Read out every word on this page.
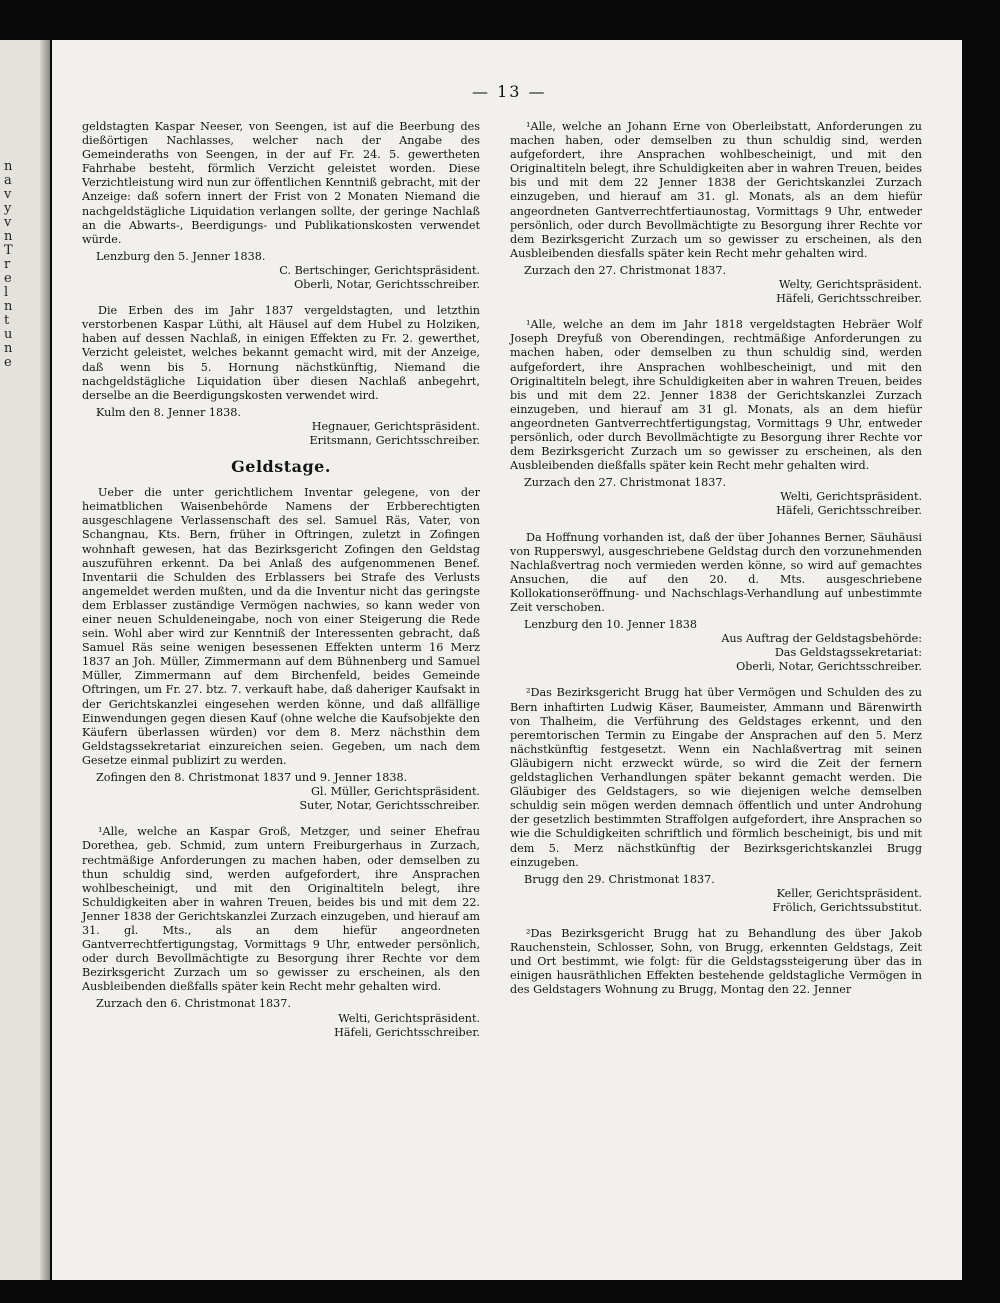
n
a
v
y
v
n
T
r
e
l
n
t
u
n
e
— 13 —

geldstagten Kaspar Neeser, von Seengen, ist auf die Beerbung des dießörtigen Nachlasses, welcher nach der Angabe des Gemeinderaths von Seengen, in der auf Fr. 24. 5. gewertheten Fahrhabe besteht, förmlich Verzicht geleistet worden. Diese Verzichtleistung wird nun zur öffentlichen Kenntniß gebracht, mit der Anzeige: daß sofern innert der Frist von 2 Monaten Niemand die nachgeldstägliche Liquidation verlangen sollte, der geringe Nachlaß an die Abwarts-, Beerdigungs- und Publikationskosten verwendet würde.

Lenzburg den 5. Jenner 1838.

C. Bertschinger, Gerichtspräsident.

Oberli, Notar, Gerichtsschreiber.

Die Erben des im Jahr 1837 vergeldstagten, und letzthin verstorbenen Kaspar Lüthi, alt Häusel auf dem Hubel zu Holziken, haben auf dessen Nachlaß, in einigen Effekten zu Fr. 2. gewerthet, Verzicht geleistet, welches bekannt gemacht wird, mit der Anzeige, daß wenn bis 5. Hornung nächstkünftig, Niemand die nachgeldstägliche Liquidation über diesen Nachlaß anbegehrt, derselbe an die Beerdigungskosten verwendet wird.

Kulm den 8. Jenner 1838.

Hegnauer, Gerichtspräsident.

Eritsmann, Gerichtsschreiber.

Geldstage.

Ueber die unter gerichtlichem Inventar gelegene, von der heimatblichen Waisenbehörde Namens der Erbberechtigten ausgeschlagene Verlassenschaft des sel. Samuel Räs, Vater, von Schangnau, Kts. Bern, früher in Oftringen, zuletzt in Zofingen wohnhaft gewesen, hat das Bezirksgericht Zofingen den Geldstag auszuführen erkennt. Da bei Anlaß des aufgenommenen Benef. Inventarii die Schulden des Erblassers bei Strafe des Verlusts angemeldet werden mußten, und da die Inventur nicht das geringste dem Erblasser zuständige Vermögen nachwies, so kann weder von einer neuen Schuldeneingabe, noch von einer Steigerung die Rede sein. Wohl aber wird zur Kenntniß der Interessenten gebracht, daß Samuel Räs seine wenigen besessenen Effekten unterm 16 Merz 1837 an Joh. Müller, Zimmermann auf dem Bühnenberg und Samuel Müller, Zimmermann auf dem Birchenfeld, beides Gemeinde Oftringen, um Fr. 27. btz. 7. verkauft habe, daß daheriger Kaufsakt in der Gerichtskanzlei eingesehen werden könne, und daß allfällige Einwendungen gegen diesen Kauf (ohne welche die Kaufsobjekte den Käufern überlassen würden) vor dem 8. Merz nächsthin dem Geldstagssekretariat einzureichen seien. Gegeben, um nach dem Gesetze einmal publizirt zu werden.

Zofingen den 8. Christmonat 1837 und 9. Jenner 1838.

Gl. Müller, Gerichtspräsident.

Suter, Notar, Gerichtsschreiber.

¹Alle, welche an Kaspar Groß, Metzger, und seiner Ehefrau Dorethea, geb. Schmid, zum untern Freiburgerhaus in Zurzach, rechtmäßige Anforderungen zu machen haben, oder demselben zu thun schuldig sind, werden aufgefordert, ihre Ansprachen wohlbescheinigt, und mit den Originaltiteln belegt, ihre Schuldigkeiten aber in wahren Treuen, beides bis und mit dem 22. Jenner 1838 der Gerichtskanzlei Zurzach einzugeben, und hierauf am 31. gl. Mts., als an dem hiefür angeordneten Gantverrechtfertigungstag, Vormittags 9 Uhr, entweder persönlich, oder durch Bevollmächtigte zu Besorgung ihrer Rechte vor dem Bezirksgericht Zurzach um so gewisser zu erscheinen, als den Ausbleibenden dießfalls später kein Recht mehr gehalten wird.

Zurzach den 6. Christmonat 1837.

Welti, Gerichtspräsident.

Häfeli, Gerichtsschreiber.

¹Alle, welche an Johann Erne von Oberleibstatt, Anforderungen zu machen haben, oder demselben zu thun schuldig sind, werden aufgefordert, ihre Ansprachen wohlbescheinigt, und mit den Originaltiteln belegt, ihre Schuldigkeiten aber in wahren Treuen, beides bis und mit dem 22 Jenner 1838 der Gerichtskanzlei Zurzach einzugeben, und hierauf am 31. gl. Monats, als an dem hiefür angeordneten Gantverrechtfertiaunostag, Vormittags 9 Uhr, entweder persönlich, oder durch Bevollmächtigte zu Besorgung ihrer Rechte vor dem Bezirksgericht Zurzach um so gewisser zu erscheinen, als den Ausbleibenden diesfalls später kein Recht mehr gehalten wird.

Zurzach den 27. Christmonat 1837.

Welty, Gerichtspräsident.

Häfeli, Gerichtsschreiber.

¹Alle, welche an dem im Jahr 1818 vergeldstagten Hebräer Wolf Joseph Dreyfuß von Oberendingen, rechtmäßige Anforderungen zu machen haben, oder demselben zu thun schuldig sind, werden aufgefordert, ihre Ansprachen wohlbescheinigt, und mit den Originaltiteln belegt, ihre Schuldigkeiten aber in wahren Treuen, beides bis und mit dem 22. Jenner 1838 der Gerichtskanzlei Zurzach einzugeben, und hierauf am 31 gl. Monats, als an dem hiefür angeordneten Gantverrechtfertigungstag, Vormittags 9 Uhr, entweder persönlich, oder durch Bevollmächtigte zu Besorgung ihrer Rechte vor dem Bezirksgericht Zurzach um so gewisser zu erscheinen, als den Ausbleibenden dießfalls später kein Recht mehr gehalten wird.

Zurzach den 27. Christmonat 1837.

Welti, Gerichtspräsident.

Häfeli, Gerichtsschreiber.

Da Hoffnung vorhanden ist, daß der über Johannes Berner, Säuhäusi von Rupperswyl, ausgeschriebene Geldstag durch den vorzunehmenden Nachlaßvertrag noch vermieden werden könne, so wird auf gemachtes Ansuchen, die auf den 20. d. Mts. ausgeschriebene Kollokationseröffnung- und Nachschlags-Verhandlung auf unbestimmte Zeit verschoben.

Lenzburg den 10. Jenner 1838

Aus Auftrag der Geldstagsbehörde:

Das Geldstagssekretariat:

Oberli, Notar, Gerichtsschreiber.

²Das Bezirksgericht Brugg hat über Vermögen und Schulden des zu Bern inhaftirten Ludwig Käser, Baumeister, Ammann und Bärenwirth von Thalheim, die Verführung des Geldstages erkennt, und den peremtorischen Termin zu Eingabe der Ansprachen auf den 5. Merz nächstkünftig festgesetzt. Wenn ein Nachlaßvertrag mit seinen Gläubigern nicht erzweckt würde, so wird die Zeit der fernern geldstaglichen Verhandlungen später bekannt gemacht werden. Die Gläubiger des Geldstagers, so wie diejenigen welche demselben schuldig sein mögen werden demnach öffentlich und unter Androhung der gesetzlich bestimmten Straffolgen aufgefordert, ihre Ansprachen so wie die Schuldigkeiten schriftlich und förmlich bescheinigt, bis und mit dem 5. Merz nächstkünftig der Bezirksgerichtskanzlei Brugg einzugeben.

Brugg den 29. Christmonat 1837.

Keller, Gerichtspräsident.

Frölich, Gerichtssubstitut.

²Das Bezirksgericht Brugg hat zu Behandlung des über Jakob Rauchenstein, Schlosser, Sohn, von Brugg, erkennten Geldstags, Zeit und Ort bestimmt, wie folgt: für die Geldstagssteigerung über das in einigen hausräthlichen Effekten bestehende geldstagliche Vermögen in des Geldstagers Wohnung zu Brugg, Montag den 22. Jenner
